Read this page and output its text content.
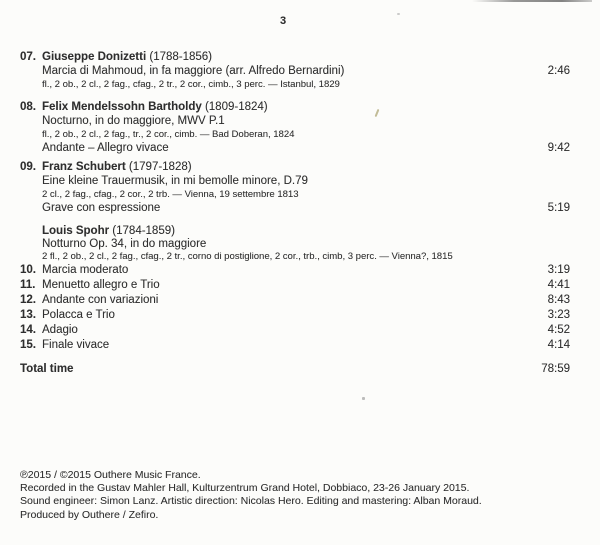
3
07. Giuseppe Donizetti (1788-1856)
Marcia di Mahmoud, in fa maggiore (arr. Alfredo Bernardini)	2:46
fl., 2 ob., 2 cl., 2 fag., cfag., 2 tr., 2 cor., cimb., 3 perc. — Istanbul, 1829
08. Felix Mendelssohn Bartholdy (1809-1824)
Nocturno, in do maggiore, MWV P.1
fl., 2 ob., 2 cl., 2 fag., tr., 2 cor., cimb. — Bad Doberan, 1824
Andante – Allegro vivace	9:42
09. Franz Schubert (1797-1828)
Eine kleine Trauermusik, in mi bemolle minore, D.79
2 cl., 2 fag., cfag., 2 cor., 2 trb. — Vienna, 19 settembre 1813
Grave con espressione	5:19
Louis Spohr (1784-1859)
Notturno Op. 34, in do maggiore
2 fl., 2 ob., 2 cl., 2 fag., cfag., 2 tr., corno di postiglione, 2 cor., trb., cimb, 3 perc. — Vienna?, 1815
10. Marcia moderato	3:19
11. Menuetto allegro e Trio	4:41
12. Andante con variazioni	8:43
13. Polacca e Trio	3:23
14. Adagio	4:52
15. Finale vivace	4:14
Total time	78:59
℗2015 / ©2015 Outhere Music France.
Recorded in the Gustav Mahler Hall, Kulturzentrum Grand Hotel, Dobbiaco, 23-26 January 2015.
Sound engineer: Simon Lanz. Artistic direction: Nicolas Hero. Editing and mastering: Alban Moraud.
Produced by Outhere / Zefiro.
